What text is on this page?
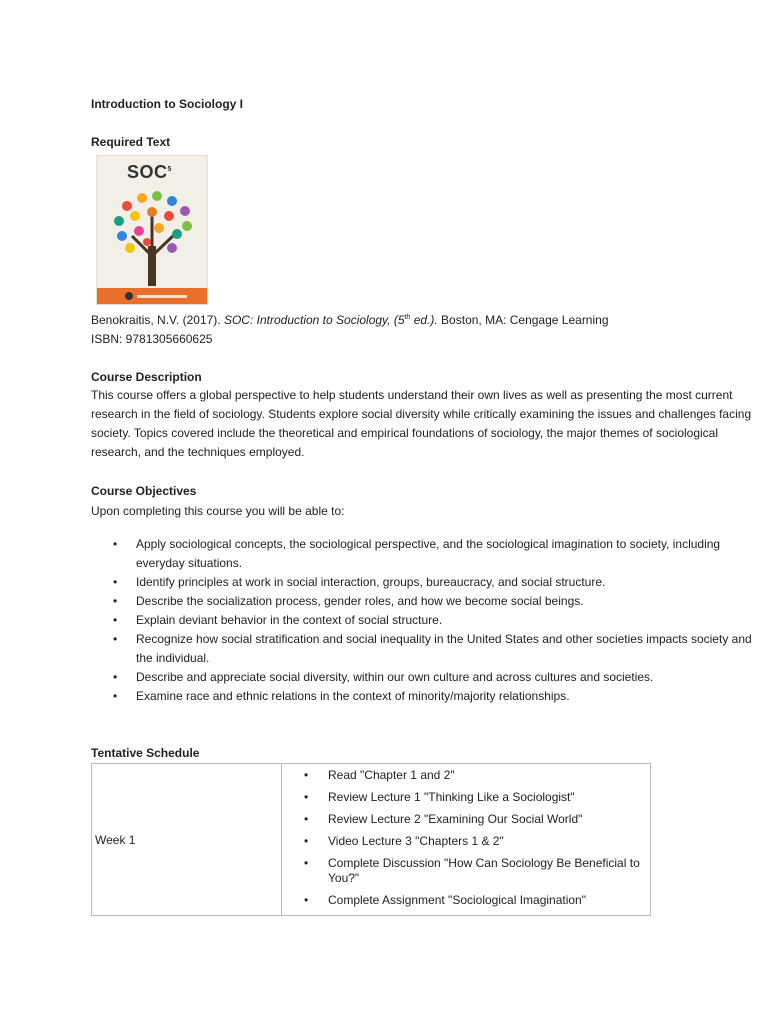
Introduction to Sociology I
Required Text
SOC$^5$
Benokraitis, N.V. (2017). SOC: Introduction to Sociology, (5th ed.). Boston, MA: Cengage Learning
ISBN: 9781305660625
Course Description
This course offers a global perspective to help students understand their own lives as well as presenting the most current research in the field of sociology. Students explore social diversity while critically examining the issues and challenges facing society. Topics covered include the theoretical and empirical foundations of sociology, the major themes of sociological research, and the techniques employed.
Course Objectives
Upon completing this course you will be able to:
• Apply sociological concepts, the sociological perspective, and the sociological imagination to society, including everyday situations.
• Identify principles at work in social interaction, groups, bureaucracy, and social structure.
• Describe the socialization process, gender roles, and how we become social beings.
• Explain deviant behavior in the context of social structure.
• Recognize how social stratification and social inequality in the United States and other societies impacts society and the individual.
• Describe and appreciate social diversity, within our own culture and across cultures and societies.
• Examine race and ethnic relations in the context of minority/majority relationships.
Tentative Schedule
Week 1	
• Read "Chapter 1 and 2"
• Review Lecture 1 "Thinking Like a Sociologist"
• Review Lecture 2 "Examining Our Social World"
• Video Lecture 3 "Chapters 1 & 2"
• Complete Discussion "How Can Sociology Be Beneficial to You?"
• Complete Assignment "Sociological Imagination"
